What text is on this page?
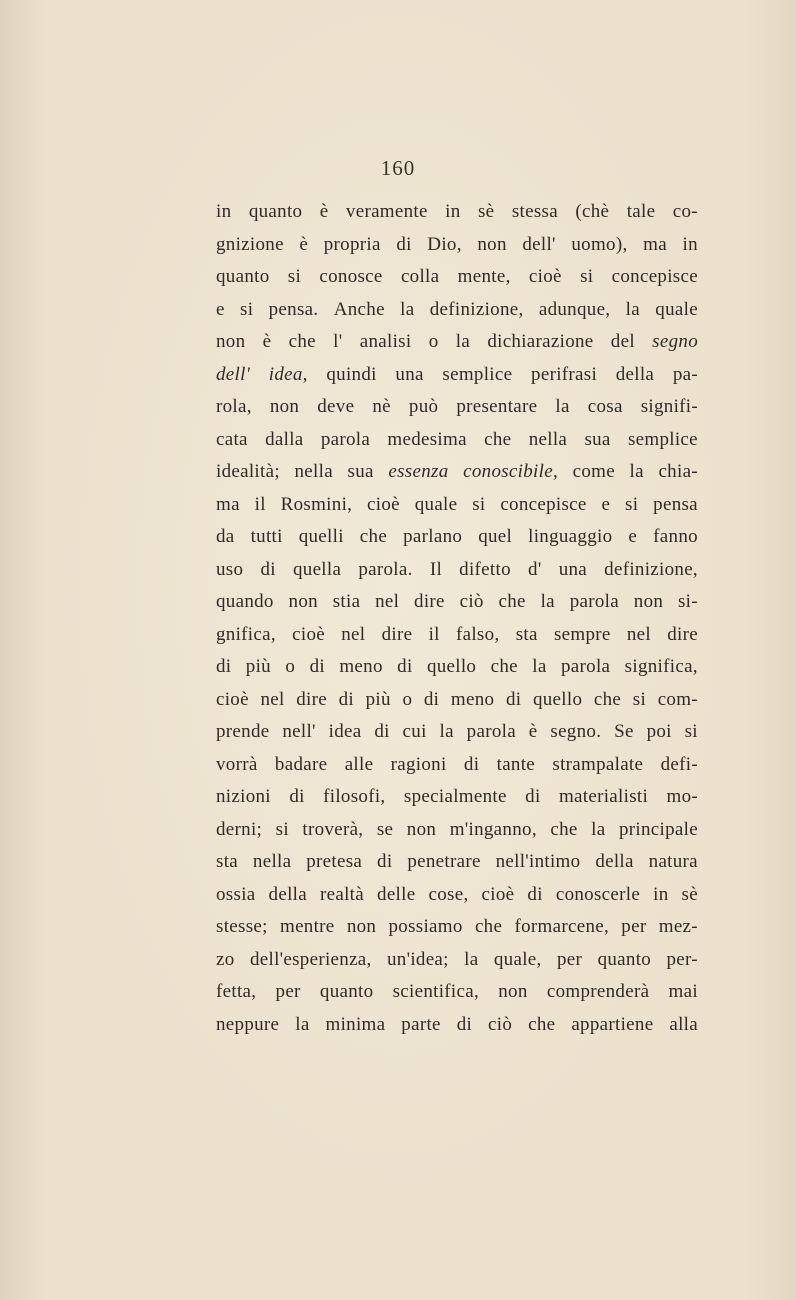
160
in quanto è veramente in sè stessa (chè tale co-
gnizione è propria di Dio, non dell' uomo), ma in
quanto si conosce colla mente, cioè si concepisce
e si pensa. Anche la definizione, adunque, la quale
non è che l' analisi o la dichiarazione del segno
dell' idea, quindi una semplice perifrasi della pa-
rola, non deve nè può presentare la cosa signifi-
cata dalla parola medesima che nella sua semplice
idealità; nella sua essenza conoscibile, come la chia-
ma il Rosmini, cioè quale si concepisce e si pensa
da tutti quelli che parlano quel linguaggio e fanno
uso di quella parola. Il difetto d' una definizione,
quando non stia nel dire ciò che la parola non si-
gnifica, cioè nel dire il falso, sta sempre nel dire
di più o di meno di quello che la parola significa,
cioè nel dire di più o di meno di quello che si com-
prende nell' idea di cui la parola è segno. Se poi si
vorrà badare alle ragioni di tante strampalate defi-
nizioni di filosofi, specialmente di materialisti mo-
derni; si troverà, se non m'inganno, che la principale
sta nella pretesa di penetrare nell'intimo della natura
ossia della realtà delle cose, cioè di conoscerle in sè
stesse; mentre non possiamo che formarcene, per mez-
zo dell'esperienza, un'idea; la quale, per quanto per-
fetta, per quanto scientifica, non comprenderà mai
neppure la minima parte di ciò che appartiene alla
